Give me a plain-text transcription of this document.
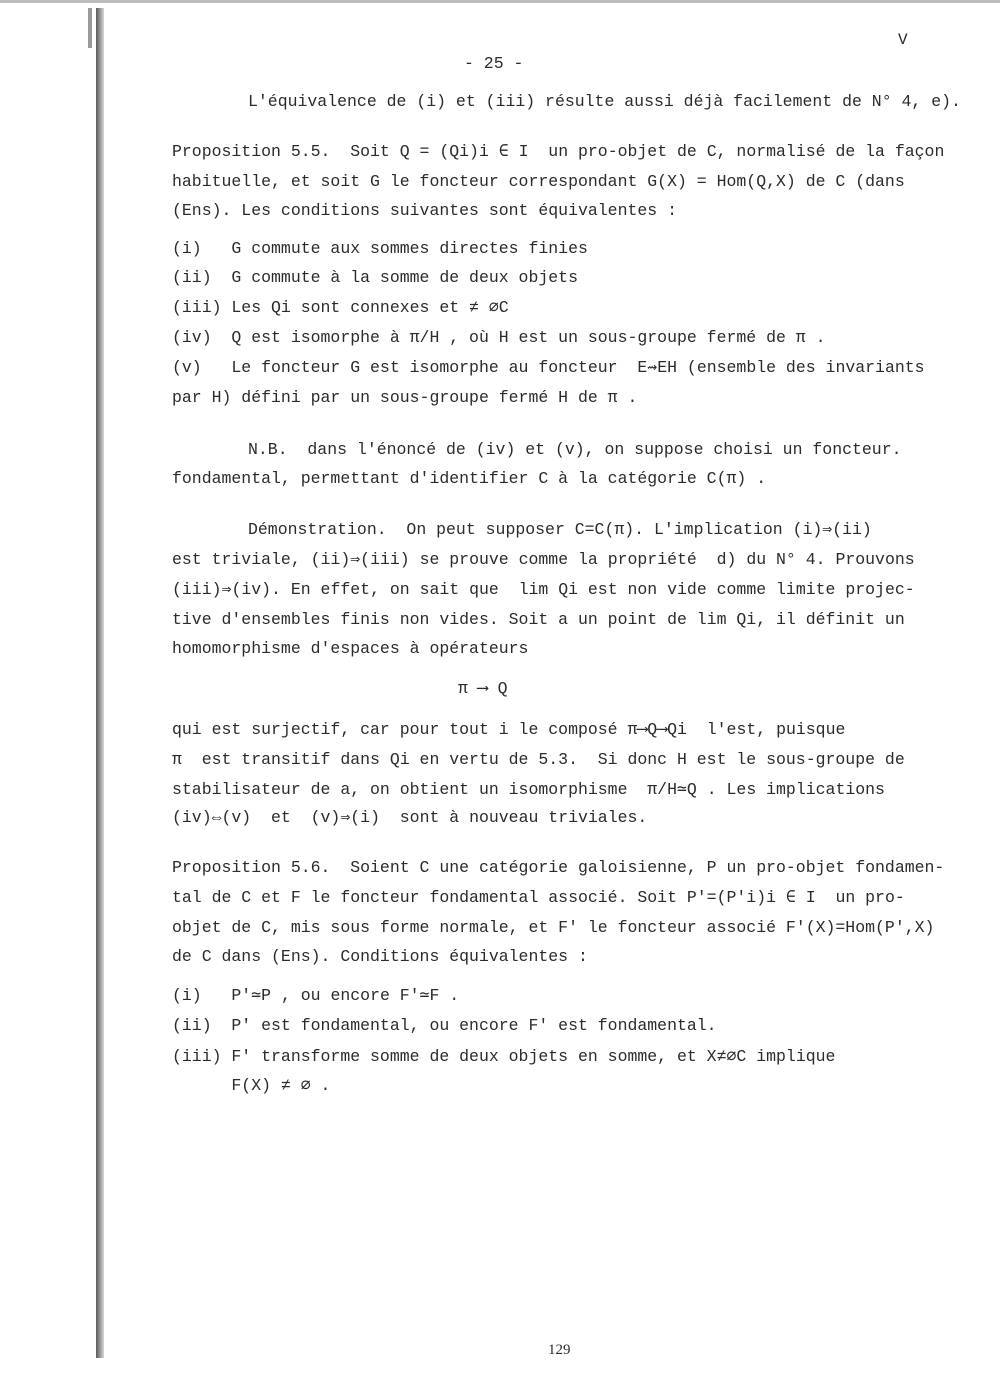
V
- 25 -
L'équivalence de (i) et (iii) résulte aussi déjà facilement de N° 4, e).
Proposition 5.5.  Soit Q = (Qi)i ∈ I  un pro-objet de C, normalisé de la façon
habituelle, et soit G le foncteur correspondant G(X) = Hom(Q,X) de C (dans
(Ens). Les conditions suivantes sont équivalentes :
(i)   G commute aux sommes directes finies
(ii)  G commute à la somme de deux objets
(iii) Les Qi sont connexes et ≠ ∅C
(iv)  Q est isomorphe à π/H , où H est un sous-groupe fermé de π .
(v)   Le foncteur G est isomorphe au foncteur  E⇝EH (ensemble des invariants
par H) défini par un sous-groupe fermé H de π .
N.B.  dans l'énoncé de (iv) et (v), on suppose choisi un foncteur.
fondamental, permettant d'identifier C à la catégorie C(π) .
Démonstration.  On peut supposer C=C(π). L'implication (i)⇒(ii)
est triviale, (ii)⇒(iii) se prouve comme la propriété  d) du N° 4. Prouvons
(iii)⇒(iv). En effet, on sait que  lim Qi est non vide comme limite projec-
tive d'ensembles finis non vides. Soit a un point de lim Qi, il définit un
homomorphisme d'espaces à opérateurs
π ⟶ Q
qui est surjectif, car pour tout i le composé π⟶Q⟶Qi  l'est, puisque
π  est transitif dans Qi en vertu de 5.3.  Si donc H est le sous-groupe de
stabilisateur de a, on obtient un isomorphisme  π/H≃Q . Les implications
(iv)⇔(v)  et  (v)⇒(i)  sont à nouveau triviales.
Proposition 5.6.  Soient C une catégorie galoisienne, P un pro-objet fondamen-
tal de C et F le foncteur fondamental associé. Soit P'=(P'i)i ∈ I  un pro-
objet de C, mis sous forme normale, et F' le foncteur associé F'(X)=Hom(P',X)
de C dans (Ens). Conditions équivalentes :
(i)   P'≃P , ou encore F'≃F .
(ii)  P' est fondamental, ou encore F' est fondamental.
(iii) F' transforme somme de deux objets en somme, et X≠∅C implique
F(X) ≠ ∅ .
129
